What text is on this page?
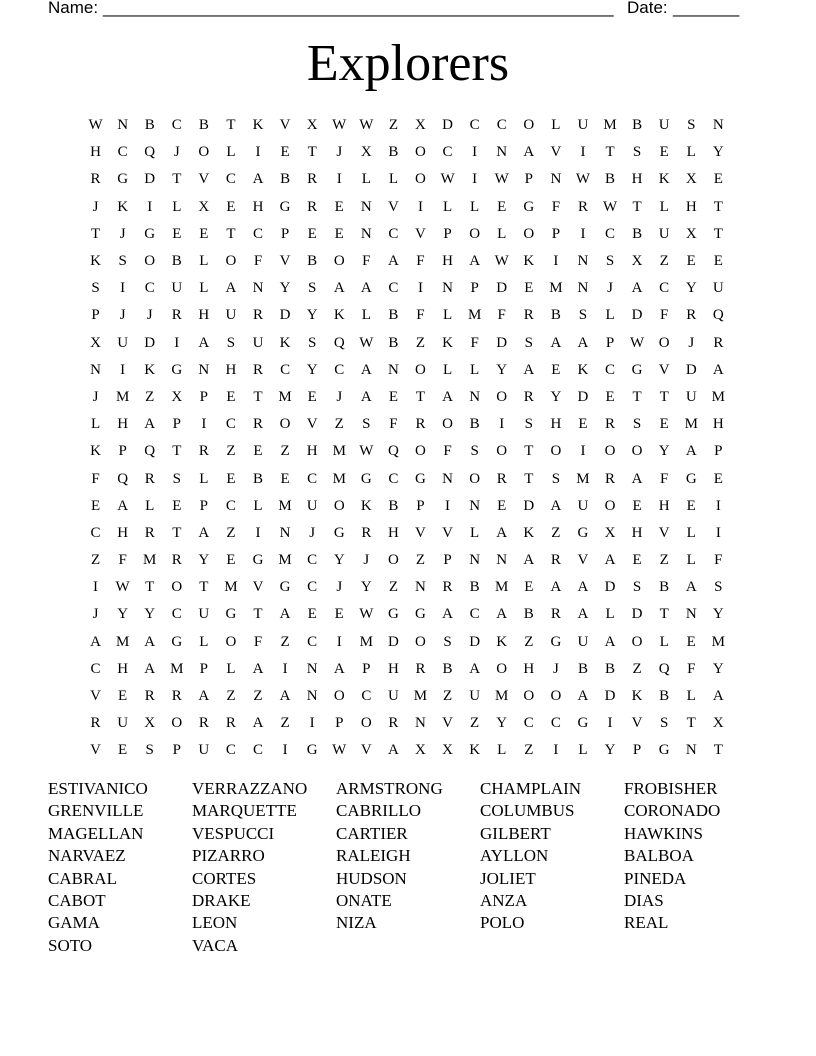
Name:

______________________________________________________

Date:

_______

Explorers
W N	B	C	B	T	K	V	X W W	Z	X	D	C	C	O	L	U M	B	U	S	N
H	C	Q	J	O	L	I	E	T	J	X	B	O	C	I	N	A	V	I	T	S	E	L	Y
R	G	D	T	V	C	A	B	R	I	L	L	O W	I	W	P	N W B	H	K	X	E
J	K	I	L	X	E	H	G	R	E	N	V	I	L	L	E	G	F	R W	T	L	H	T
T	J	G	E	E	T	C	P	E	E	N	C	V	P	O	L	O	P	I	C	B	U	X	T
K	S	O	B	L	O	F	V	B	O	F	A	F	H	A W K	I	N	S	X	Z	E	E
S	I	C	U	L	A	N	Y	S	A	A	C	I	N	P	D	E	M N	J	A	C	Y	U
P	J	J	R	H	U	R	D	Y	K	L	B	F	L	M	F	R	B	S	L	D	F	R	Q
X	U	D	I	A	S	U	K	S	Q W B	Z	K	F	D	S	A	A	P	W O	J	R
N	I	K	G	N	H	R	C	Y	C	A	N	O	L	L	Y	A	E	K	C	G	V	D	A
J	M	Z	X	P	E	T	M	E	J	A	E	T	A	N	O	R	Y	D	E	T	T	U M
L	H	A	P	I	C	R	O	V	Z	S	F	R	O	B	I	S	H	E	R	S	E	M H
K	P	Q	T	R	Z	E	Z	H M W Q	O	F	S	O	T	O	I	O	O	Y	A	P
F	Q	R	S	L	E	B	E	C	M G	C	G	N	O	R	T	S	M	R	A	F	G	E
E	A	L	E	P	C	L	M U	O	K	B	P	I	N	E	D	A	U	O	E	H	E	I
C	H	R	T	A	Z	I	N	J	G	R	H	V	V	L	A	K	Z	G	X	H	V	L	I
Z	F	M	R	Y	E	G M	C	Y	J	O	Z	P	N	N	A	R	V	A	E	Z	L	F
I	W	T	O	T	M V	G	C	J	Y	Z	N	R	B	M	E	A	A	D	S	B	A	S
J	Y	Y	C	U	G	T	A	E	E	W G	G	A	C	A	B	R	A	L	D	T	N	Y
A M A	G	L	O	F	Z	C	I	M D	O	S	D	K	Z	G	U	A	O	L	E	M
C	H	A M	P	L	A	I	N	A	P	H	R	B	A	O	H	J	B	B	Z	Q	F	Y
V	E	R	R	A	Z	Z	A	N	O	C	U M	Z	U M O	O	A	D	K	B	L	A
R	U	X	O	R	R	A	Z	I	P	O	R	N	V	Z	Y	C	C	G	I	V	S	T	X
V	E	S	P	U	C	C	I	G W V	A	X	X	K	L	Z	I	L	Y	P	G	N	T
ESTIVANICO	VERRAZZANO	ARMSTRONG	CHAMPLAIN	FROBISHER
GRENVILLE	MARQUETTE	CABRILLO	COLUMBUS	CORONADO
MAGELLAN	VESPUCCI	CARTIER	GILBERT	HAWKINS
NARVAEZ	PIZARRO	RALEIGH	AYLLON	BALBOA
CABRAL	CORTES	HUDSON	JOLIET	PINEDA
CABOT	DRAKE	ONATE	ANZA	DIAS
GAMA	LEON	NIZA	POLO	REAL
SOTO	VACA
